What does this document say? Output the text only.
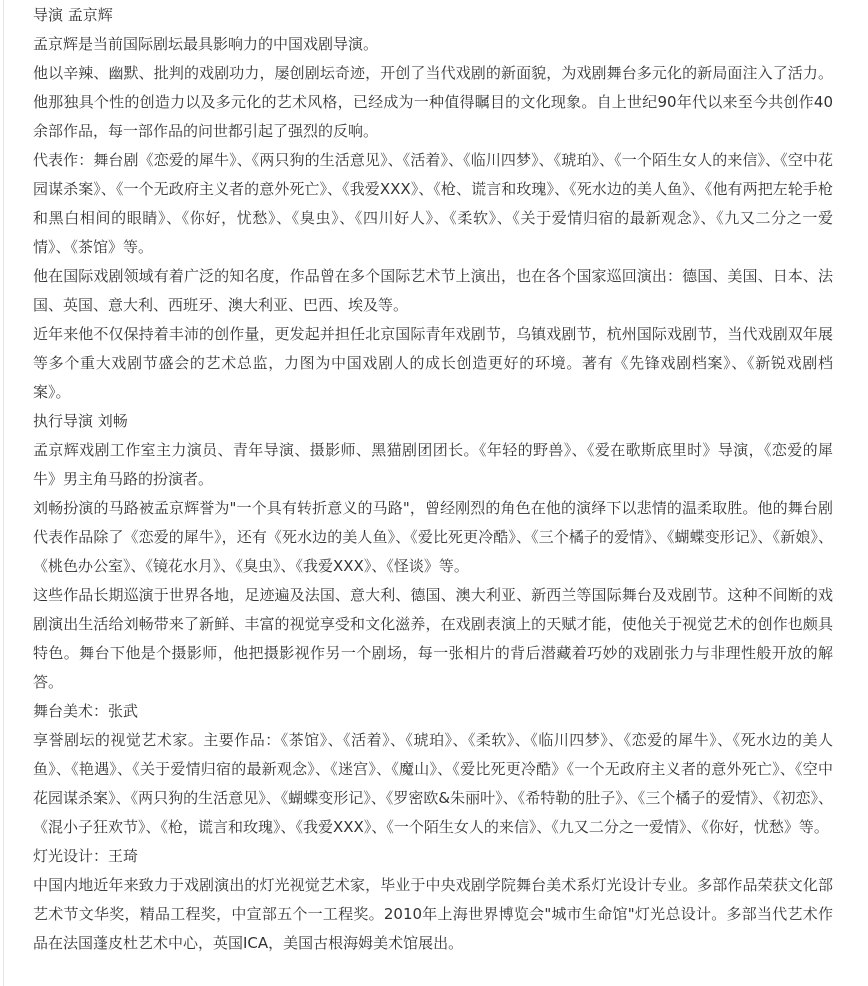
导演 孟京辉

孟京辉是当前国际剧坛最具影响力的中国戏剧导演。

他以辛辣、幽默、批判的戏剧功力，屡创剧坛奇迹，开创了当代戏剧的新面貌，为戏剧舞台多元化的新局面注入了活力。他那独具个性的创造力以及多元化的艺术风格，已经成为一种值得瞩目的文化现象。自上世纪90年代以来至今共创作40余部作品，每一部作品的问世都引起了强烈的反响。

代表作：舞台剧《恋爱的犀牛》、《两只狗的生活意见》、《活着》、《临川四梦》、《琥珀》、《一个陌生女人的来信》、《空中花园谋杀案》、《一个无政府主义者的意外死亡》、《我爱XXX》、《枪、谎言和玫瑰》、《死水边的美人鱼》、《他有两把左轮手枪和黑白相间的眼睛》、《你好，忧愁》、《臭虫》、《四川好人》、《柔软》、《关于爱情归宿的最新观念》、《九又二分之一爱情》、《茶馆》等。

他在国际戏剧领域有着广泛的知名度，作品曾在多个国际艺术节上演出，也在各个国家巡回演出：德国、美国、日本、法国、英国、意大利、西班牙、澳大利亚、巴西、埃及等。

近年来他不仅保持着丰沛的创作量，更发起并担任北京国际青年戏剧节，乌镇戏剧节，杭州国际戏剧节，当代戏剧双年展等多个重大戏剧节盛会的艺术总监，力图为中国戏剧人的成长创造更好的环境。著有《先锋戏剧档案》、《新锐戏剧档案》。

执行导演 刘畅

孟京辉戏剧工作室主力演员、青年导演、摄影师、黑猫剧团团长。《年轻的野兽》、《爱在歌斯底里时》导演，《恋爱的犀牛》男主角马路的扮演者。

刘畅扮演的马路被孟京辉誉为"一个具有转折意义的马路"，曾经刚烈的角色在他的演绎下以悲情的温柔取胜。他的舞台剧代表作品除了《恋爱的犀牛》，还有《死水边的美人鱼》、《爱比死更冷酷》、《三个橘子的爱情》、《蝴蝶变形记》、《新娘》、《桃色办公室》、《镜花水月》、《臭虫》、《我爱XXX》、《怪谈》等。

这些作品长期巡演于世界各地，足迹遍及法国、意大利、德国、澳大利亚、新西兰等国际舞台及戏剧节。这种不间断的戏剧演出生活给刘畅带来了新鲜、丰富的视觉享受和文化滋养，在戏剧表演上的天赋才能，使他关于视觉艺术的创作也颇具特色。舞台下他是个摄影师，他把摄影视作另一个剧场，每一张相片的背后潜藏着巧妙的戏剧张力与非理性般开放的解答。

舞台美术：张武

享誉剧坛的视觉艺术家。主要作品：《茶馆》、《活着》、《琥珀》、《柔软》、《临川四梦》、《恋爱的犀牛》、《死水边的美人鱼》、《艳遇》、《关于爱情归宿的最新观念》、《迷宫》、《魔山》、《爱比死更冷酷》《一个无政府主义者的意外死亡》、《空中花园谋杀案》、《两只狗的生活意见》、《蝴蝶变形记》、《罗密欧&朱丽叶》、《希特勒的肚子》、《三个橘子的爱情》、《初恋》、《混小子狂欢节》、《枪，谎言和玫瑰》、《我爱XXX》、《一个陌生女人的来信》、《九又二分之一爱情》、《你好，忧愁》等。

灯光设计：王琦

中国内地近年来致力于戏剧演出的灯光视觉艺术家，毕业于中央戏剧学院舞台美术系灯光设计专业。多部作品荣获文化部艺术节文华奖，精品工程奖，中宣部五个一工程奖。2010年上海世界博览会"城市生命馆"灯光总设计。多部当代艺术作品在法国蓬皮杜艺术中心，英国ICA，美国古根海姆美术馆展出。
